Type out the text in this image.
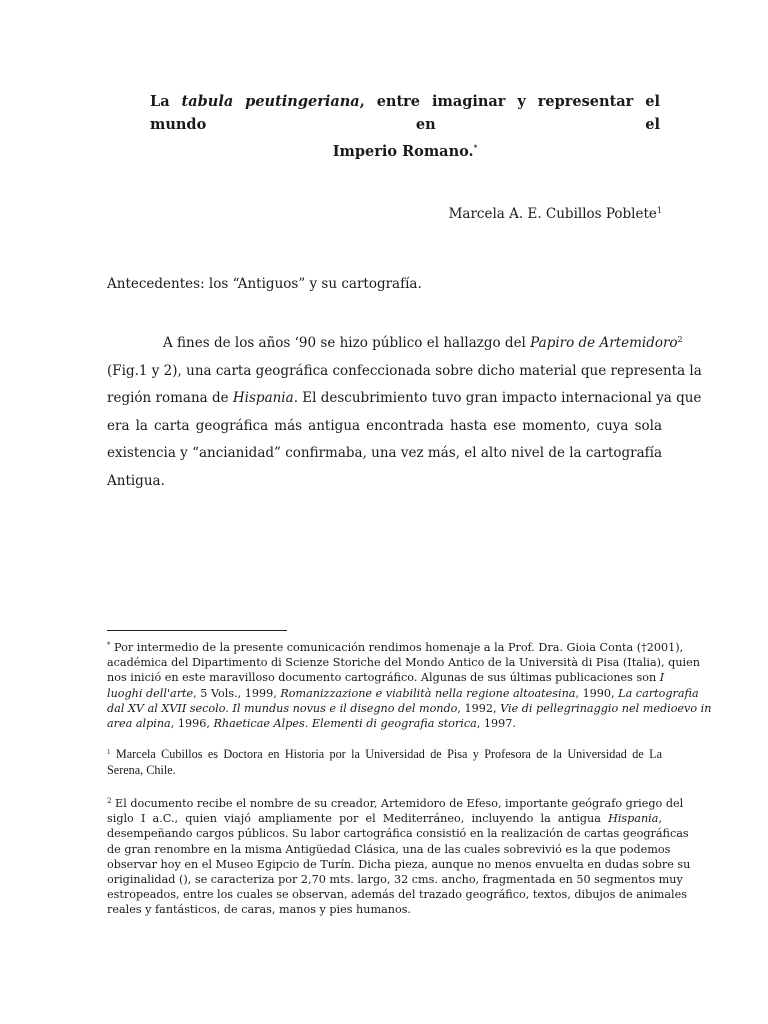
La tabula peutingeriana, entre imaginar y representar el mundo en el
Imperio Romano.*
Marcela A. E. Cubillos Poblete$^1$
Antecedentes: los “Antiguos” y su cartografía.
A fines de los años ‘90 se hizo público el hallazgo del Papiro de Artemidoro$^2$
(Fig.1 y 2), una carta geográfica confeccionada sobre dicho material que representa la
región romana de Hispania. El descubrimiento tuvo gran impacto internacional ya que
era la carta geográfica más antigua encontrada hasta ese momento, cuya sola
existencia y “ancianidad” confirmaba, una vez más, el alto nivel de la cartografía
Antigua.
* Por intermedio de la presente comunicación rendimos homenaje a la Prof. Dra. Gioia Conta (†2001),
académica del Dipartimento di Scienze Storiche del Mondo Antico de la Università di Pisa (Italia), quien
nos inició en este maravilloso documento cartográfico. Algunas de sus últimas publicaciones son I
luoghi dell'arte, 5 Vols., 1999, Romanizzazione e viabilità nella regione altoatesina, 1990, La cartografia
dal XV al XVII secolo. Il mundus novus e il disegno del mondo, 1992, Vie di pellegrinaggio nel medioevo in
area alpina, 1996, Rhaeticae Alpes. Elementi di geografia storica, 1997.
$^1$ Marcela Cubillos es Doctora en Historia por la Universidad de Pisa y Profesora de la Universidad de La
Serena, Chile.
$^2$ El documento recibe el nombre de su creador, Artemidoro de Efeso, importante geógrafo griego del
siglo I a.C., quien viajó ampliamente por el Mediterráneo, incluyendo la antigua Hispania,
desempeñando cargos públicos. Su labor cartográfica consistió en la realización de cartas geográficas
de gran renombre en la misma Antigüedad Clásica, una de las cuales sobrevivió es la que podemos
observar hoy en el Museo Egipcio de Turín. Dicha pieza, aunque no menos envuelta en dudas sobre su
originalidad (), se caracteriza por 2,70 mts. largo, 32 cms. ancho, fragmentada en 50 segmentos muy
estropeados, entre los cuales se observan, además del trazado geográfico, textos, dibujos de animales
reales y fantásticos, de caras, manos y pies humanos.
